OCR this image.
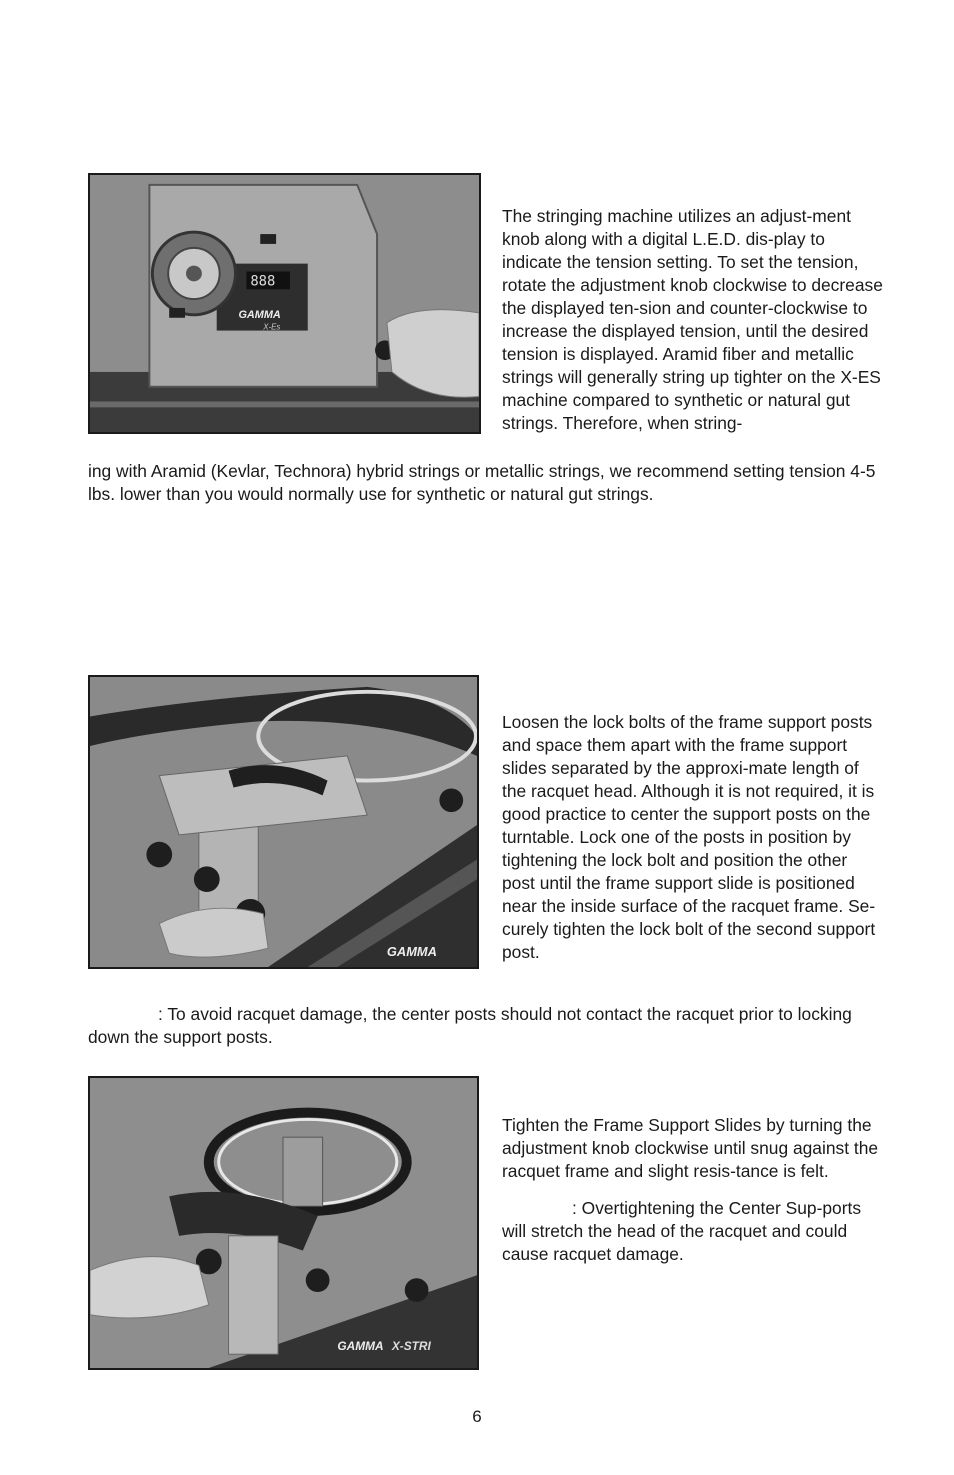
888
GAMMA
X-Es

The stringing machine utilizes an adjust-ment knob along with a digital L.E.D. dis-play to indicate the tension setting. To set the tension, rotate the adjustment knob clockwise to decrease the displayed ten-sion and counter-clockwise to increase the displayed tension, until the desired tension is displayed. Aramid fiber and metallic strings will generally string up tighter on the X-ES machine compared to synthetic or natural gut strings. Therefore, when string-

ing with Aramid (Kevlar, Technora) hybrid strings or metallic strings, we recommend setting tension 4-5 lbs. lower than you would normally use for synthetic or natural gut strings.

GAMMA

Loosen the lock bolts of the frame support posts and space them apart with the frame support slides separated by the approxi-mate length of the racquet head. Although it is not required, it is good practice to center the support posts on the turntable. Lock one of the posts in position by tightening the lock bolt and position the other post until the frame support slide is positioned near the inside surface of the racquet frame. Se-curely tighten the lock bolt of the second support post.

: To avoid racquet damage, the center posts should not contact the racquet prior to locking down the support posts.

GAMMA X-STRI

Tighten the Frame Support Slides by turning the adjustment knob clockwise until snug against the racquet frame and slight resis-tance is felt.

: Overtightening the Center Sup-ports will stretch the head of the racquet and could cause racquet damage.

6
